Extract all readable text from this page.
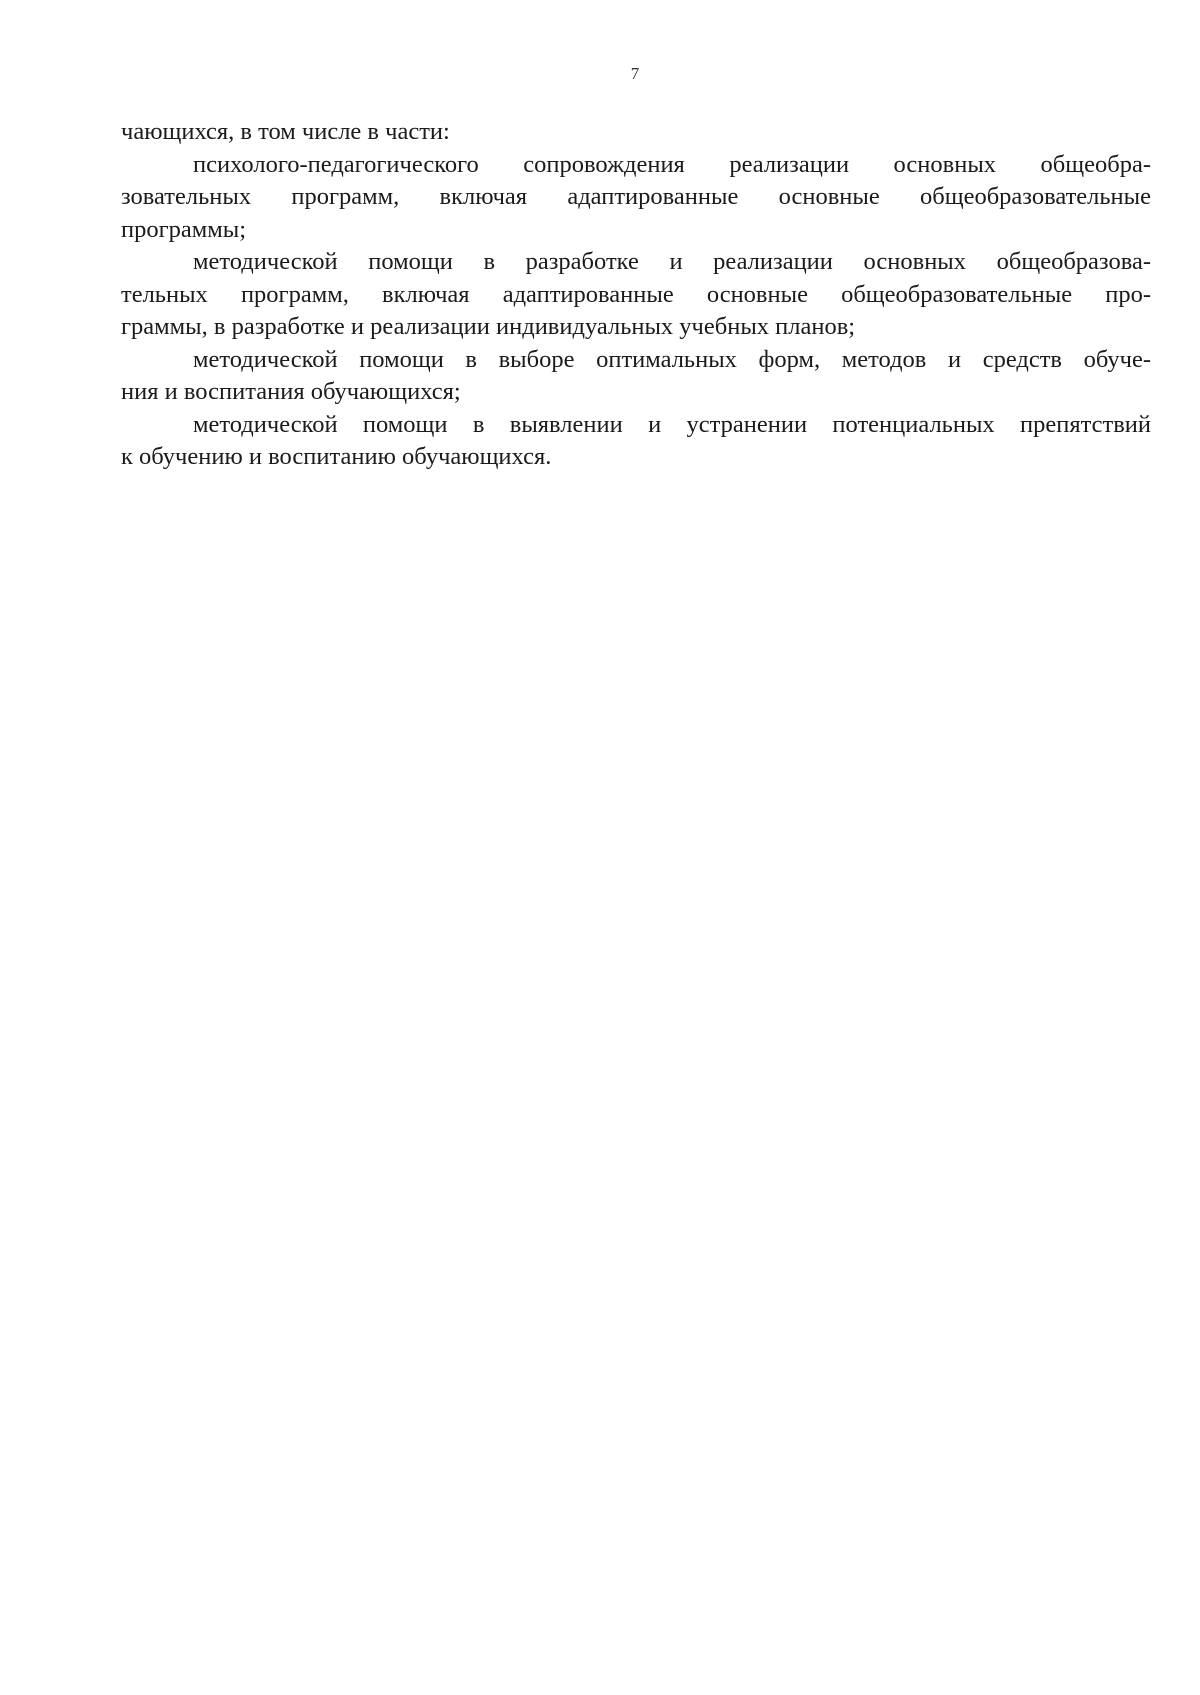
7
чающихся, в том числе в части:
психолого-педагогического сопровождения реализации основных общеобра-
зовательных программ, включая адаптированные основные общеобразовательные
программы;
методической помощи в разработке и реализации основных общеобразова-
тельных программ, включая адаптированные основные общеобразовательные про-
граммы, в разработке и реализации индивидуальных учебных планов;
методической помощи в выборе оптимальных форм, методов и средств обуче-
ния и воспитания обучающихся;
методической помощи в выявлении и устранении потенциальных препятствий
к обучению и воспитанию обучающихся.
